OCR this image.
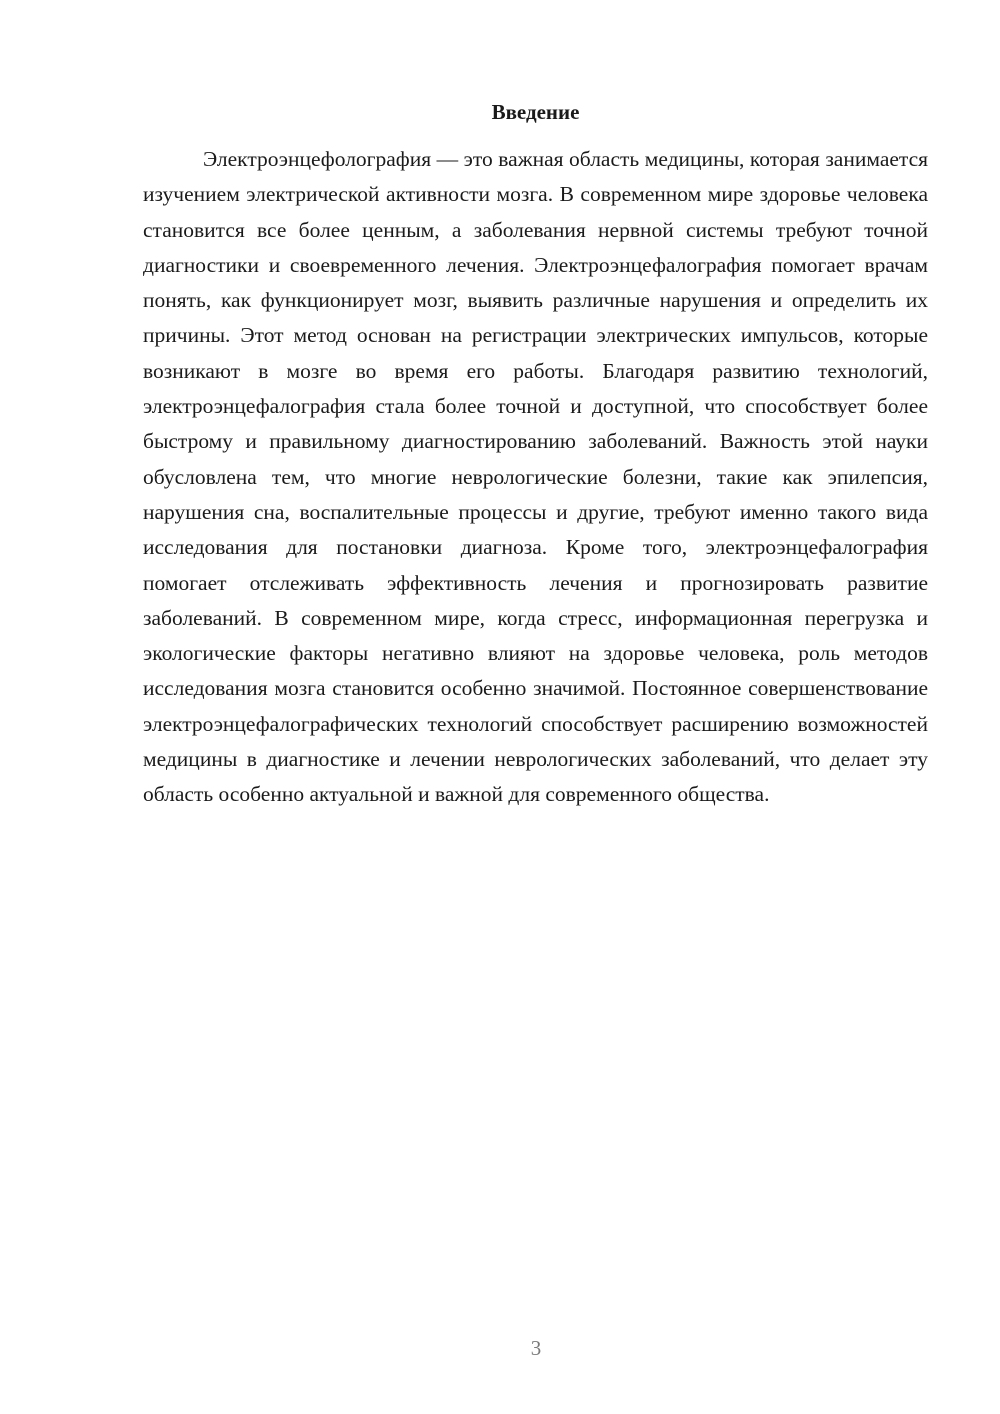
Введение

Электроэнцефолография — это важная область медицины, которая занимается изучением электрической активности мозга. В современном мире здоровье человека становится все более ценным, а заболевания нервной системы требуют точной диагностики и своевременного лечения. Электроэнцефалография помогает врачам понять, как функционирует мозг, выявить различные нарушения и определить их причины. Этот метод основан на регистрации электрических импульсов, которые возникают в мозге во время его работы. Благодаря развитию технологий, электроэнцефалография стала более точной и доступной, что способствует более быстрому и правильному диагностированию заболеваний. Важность этой науки обусловлена тем, что многие неврологические болезни, такие как эпилепсия, нарушения сна, воспалительные процессы и другие, требуют именно такого вида исследования для постановки диагноза. Кроме того, электроэнцефалография помогает отслеживать эффективность лечения и прогнозировать развитие заболеваний. В современном мире, когда стресс, информационная перегрузка и экологические факторы негативно влияют на здоровье человека, роль методов исследования мозга становится особенно значимой. Постоянное совершенствование электроэнцефалографических технологий способствует расширению возможностей медицины в диагностике и лечении неврологических заболеваний, что делает эту область особенно актуальной и важной для современного общества.

3
